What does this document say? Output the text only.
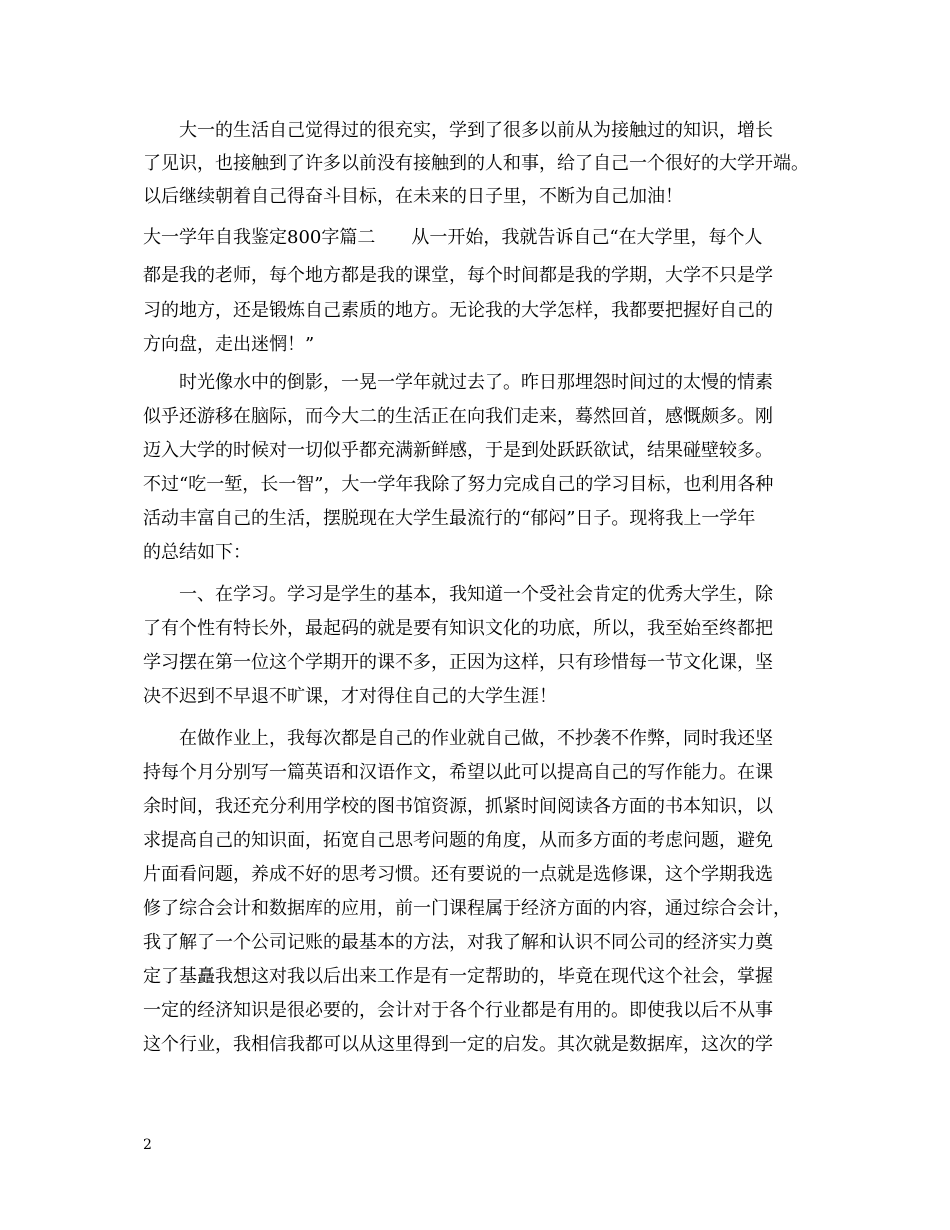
大一的生活自己觉得过的很充实，学到了很多以前从为接触过的知识，增长
了见识，也接触到了许多以前没有接触到的人和事，给了自己一个很好的大学开端。
以后继续朝着自己得奋斗目标，在未来的日子里，不断为自己加油！
大一学年自我鉴定800字篇二　　从一开始，我就告诉自己“在大学里，每个人
都是我的老师，每个地方都是我的课堂，每个时间都是我的学期，大学不只是学
习的地方，还是锻炼自己素质的地方。无论我的大学怎样，我都要把握好自己的
方向盘，走出迷惘！”
时光像水中的倒影，一晃一学年就过去了。昨日那埋怨时间过的太慢的情素
似乎还游移在脑际，而今大二的生活正在向我们走来，蓦然回首，感慨颇多。刚
迈入大学的时候对一切似乎都充满新鲜感，于是到处跃跃欲试，结果碰壁较多。
不过“吃一堑，长一智”，大一学年我除了努力完成自己的学习目标，也利用各种
活动丰富自己的生活，摆脱现在大学生最流行的“郁闷”日子。现将我上一学年
的总结如下：
一、在学习。学习是学生的基本，我知道一个受社会肯定的优秀大学生，除
了有个性有特长外，最起码的就是要有知识文化的功底，所以，我至始至终都把
学习摆在第一位这个学期开的课不多，正因为这样，只有珍惜每一节文化课，坚
决不迟到不早退不旷课，才对得住自己的大学生涯！
在做作业上，我每次都是自己的作业就自己做，不抄袭不作弊，同时我还坚
持每个月分别写一篇英语和汉语作文，希望以此可以提高自己的写作能力。在课
余时间，我还充分利用学校的图书馆资源，抓紧时间阅读各方面的书本知识，以
求提高自己的知识面，拓宽自己思考问题的角度，从而多方面的考虑问题，避免
片面看问题，养成不好的思考习惯。还有要说的一点就是选修课，这个学期我选
修了综合会计和数据库的应用，前一门课程属于经济方面的内容，通过综合会计，
我了解了一个公司记账的最基本的方法，对我了解和认识不同公司的经济实力奠
定了基矗我想这对我以后出来工作是有一定帮助的，毕竟在现代这个社会，掌握
一定的经济知识是很必要的，会计对于各个行业都是有用的。即使我以后不从事
这个行业，我相信我都可以从这里得到一定的启发。其次就是数据库，这次的学
2
